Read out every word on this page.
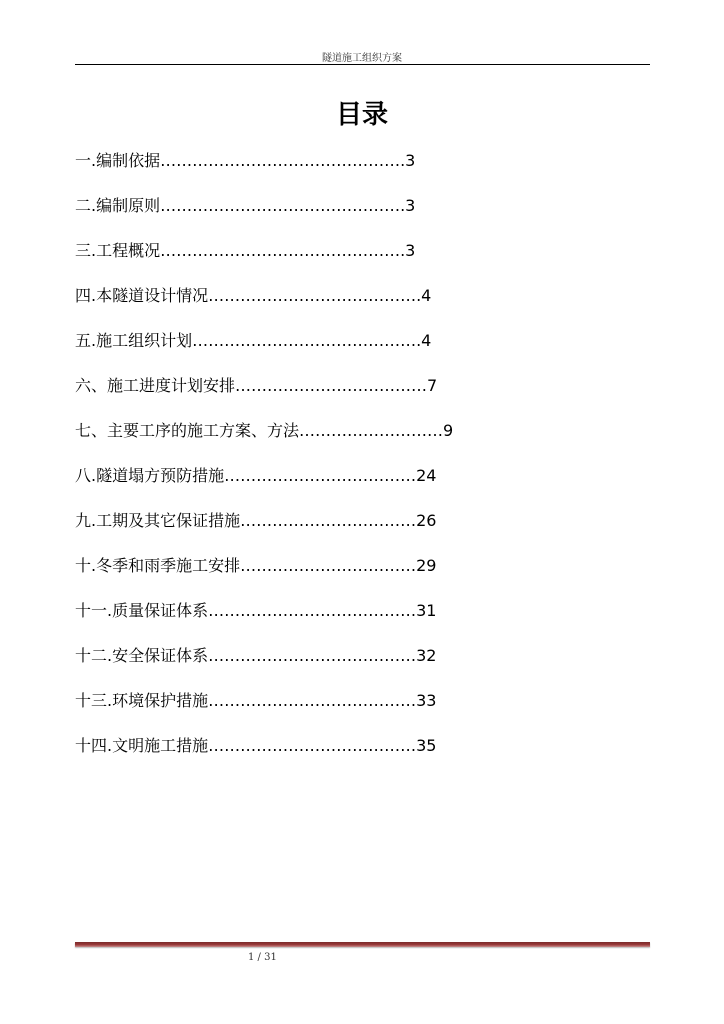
隧道施工组织方案
目录
一.编制依据……………………………………….3
二.编制原则……………………………………….3
三.工程概况……………………………………….3
四.本隧道设计情况………………………………….4
五.施工组织计划…………………………………….4
六、施工进度计划安排………………………………7
七、主要工序的施工方案、方法………………………9
八.隧道塌方预防措施………………………………24
九.工期及其它保证措施……………………………26
十.冬季和雨季施工安排……………………………29
十一.质量保证体系…………………………………31
十二.安全保证体系…………………………………32
十三.环境保护措施…………………………………33
十四.文明施工措施…………………………………35
1 / 31
